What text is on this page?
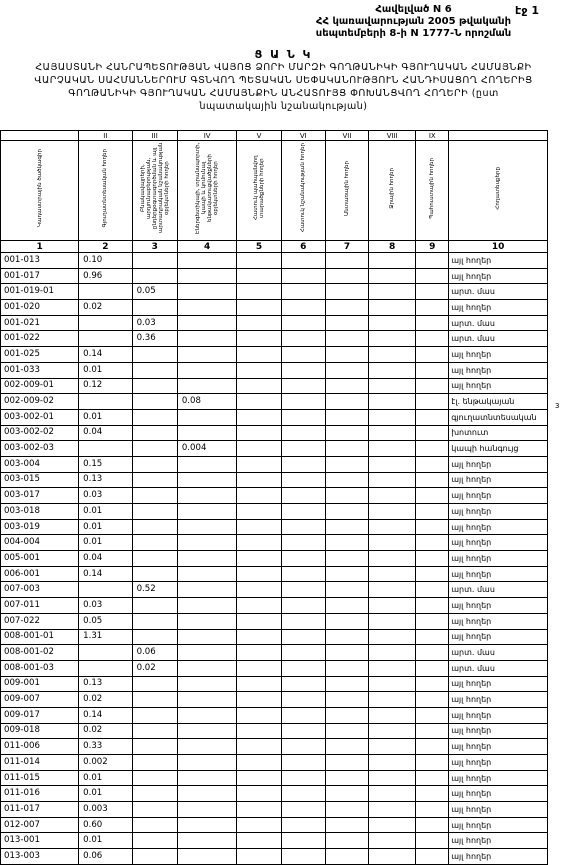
էջ 1
Հավելված N 6
ՀՀ կառավարության 2005 թվականի
սեպտեմբերի 8-ի N 1777-Ն որոշման
Ց Ա Ն Կ
ՀԱՅԱՍՏԱՆԻ ՀԱՆՐԱՊԵՏՈՒԹՅԱՆ ՎԱՅՈՑ ՁՈՐԻ ՄԱՐԶԻ ԳՈՂԹԱՆԻԿԻ ԳՅՈՒՂԱԿԱՆ ՀԱՄԱՅՆՔԻ
ՎԱՐՉԱԿԱՆ ՍԱՀՄԱՆՆԵՐՈՒՄ ԳՏՆՎՈՂ ՊԵՏԱԿԱՆ ՍԵՓԱԿԱՆՈՒԹՅՈՒՆ ՀԱՆԴԻՍԱՑՈՂ ՀՈՂԵՐԻՑ
ԳՈՂԹԱՆԻԿԻ ԳՅՈՒՂԱԿԱՆ ՀԱՄԱՅՆՔԻՆ ԱՆՀԱՏՈՒՅՑ ՓՈԽԱՆՑՎՈՂ ՀՈՂԵՐԻ (ըստ
նպատակային նշանակության)
	II	III	IV	V	VI	VII	VIII	IX	
Կադաստրային ծածկագիր	Գյուղատնտեսական հողեր	Բնակավայրերի, արդյունաբերության, ընդերքօգտագործման և այլ արտադրական նշանակության օբյեկտների հողեր	Էներգետիկայի, տրանսպորտի, կապի և կոմունալ ենթակառուցվածքների օբյեկտների հողեր	Հատուկ պահպանվող տարածքների հողեր	Հատուկ նշանակության հողեր	Անտառային հողեր	Ջրային հողեր	Պահուստային հողեր	Հողատեսքերը
1	2	3	4	5	6	7	8	9	10
001-013	0.10								այլ հողեր
001-017	0.96								այլ հողեր
001-019-01		0.05							արտ. մաս
001-020	0.02								այլ հողեր
001-021		0.03							արտ. մաս
001-022		0.36							արտ. մաս
001-025	0.14								այլ հողեր
001-033	0.01								այլ հողեր
002-009-01	0.12								այլ հողեր
002-009-02			0.08						էլ. ենթակայան
003-002-01	0.01								գյուղատնտեսական
003-002-02	0.04								խոտուտ
003-002-03			0.004						կապի հանգույց
003-004	0.15								այլ հողեր
003-015	0.13								այլ հողեր
003-017	0.03								այլ հողեր
003-018	0.01								այլ հողեր
003-019	0.01								այլ հողեր
004-004	0.01								այլ հողեր
005-001	0.04								այլ հողեր
006-001	0.14								այլ հողեր
007-003		0.52							արտ. մաս
007-011	0.03								այլ հողեր
007-022	0.05								այլ հողեր
008-001-01	1.31								այլ հողեր
008-001-02		0.06							արտ. մաս
008-001-03		0.02							արտ. մաս
009-001	0.13								այլ հողեր
009-007	0.02								այլ հողեր
009-017	0.14								այլ հողեր
009-018	0.02								այլ հողեր
011-006	0.33								այլ հողեր
011-014	0.002								այլ հողեր
011-015	0.01								այլ հողեր
011-016	0.01								այլ հողեր
011-017	0.003								այլ հողեր
012-007	0.60								այլ հողեր
013-001	0.01								այլ հողեր
013-003	0.06								այլ հողեր
3
